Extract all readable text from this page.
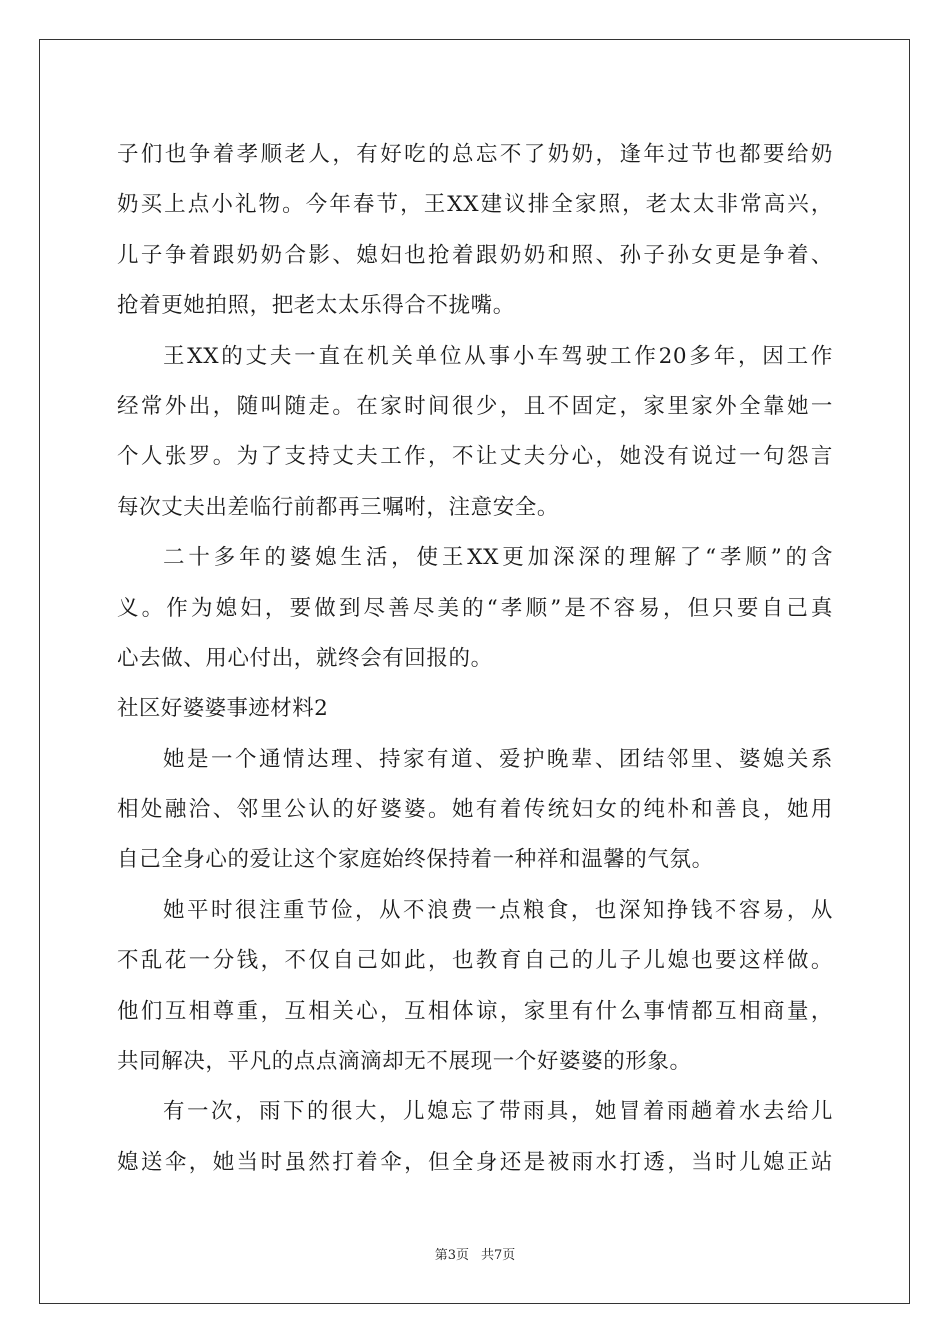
子们也争着孝顺老人，有好吃的总忘不了奶奶，逢年过节也都要给奶
奶买上点小礼物。今年春节，王XX建议排全家照，老太太非常高兴，
儿子争着跟奶奶合影、媳妇也抢着跟奶奶和照、孙子孙女更是争着、
抢着更她拍照，把老太太乐得合不拢嘴。
王XX的丈夫一直在机关单位从事小车驾驶工作20多年，因工作
经常外出，随叫随走。在家时间很少，且不固定，家里家外全靠她一
个人张罗。为了支持丈夫工作，不让丈夫分心，她没有说过一句怨言
每次丈夫出差临行前都再三嘱咐，注意安全。
二十多年的婆媳生活，使王XX更加深深的理解了“孝顺”的含
义。作为媳妇，要做到尽善尽美的“孝顺”是不容易，但只要自己真
心去做、用心付出，就终会有回报的。
社区好婆婆事迹材料2
她是一个通情达理、持家有道、爱护晚辈、团结邻里、婆媳关系
相处融洽、邻里公认的好婆婆。她有着传统妇女的纯朴和善良，她用
自己全身心的爱让这个家庭始终保持着一种祥和温馨的气氛。
她平时很注重节俭，从不浪费一点粮食，也深知挣钱不容易，从
不乱花一分钱，不仅自己如此，也教育自己的儿子儿媳也要这样做。
他们互相尊重，互相关心，互相体谅，家里有什么事情都互相商量，
共同解决，平凡的点点滴滴却无不展现一个好婆婆的形象。
有一次，雨下的很大，儿媳忘了带雨具，她冒着雨趟着水去给儿
媳送伞，她当时虽然打着伞，但全身还是被雨水打透，当时儿媳正站
第3页 共7页
